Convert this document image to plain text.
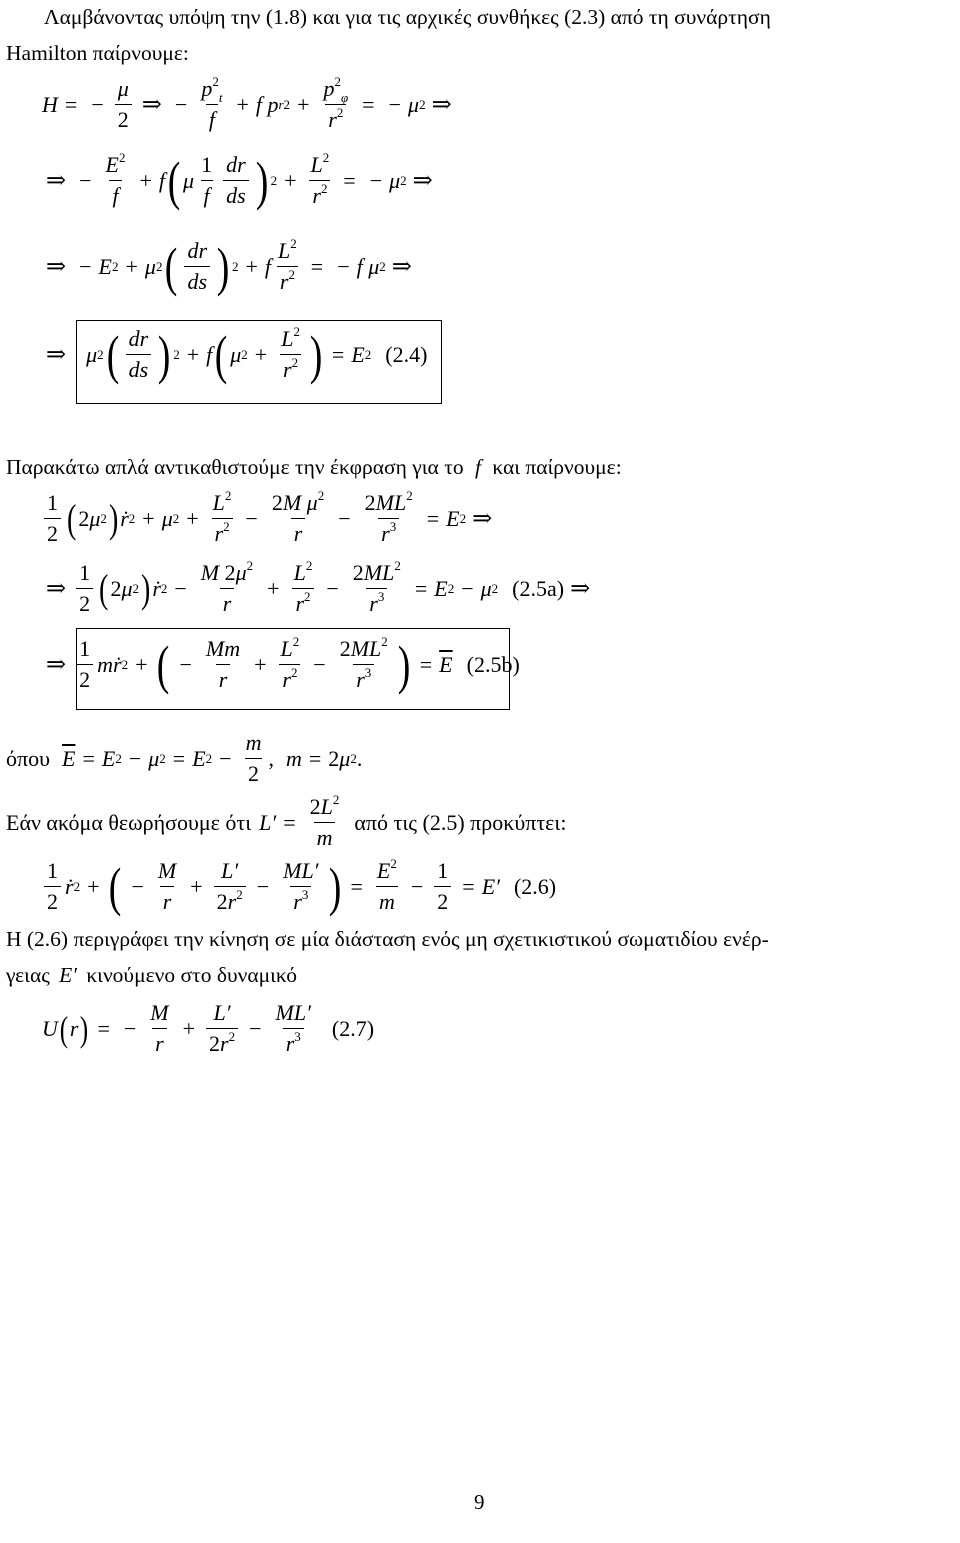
Λαμβάνοντας υπόψη την (1.8) και για τις αρχικές συνθήκες (2.3) από τη συνάρτηση
Hamilton παίρνουμε:
H = − $\frac{\mu}{2}$ ⇒ − $\frac{p^2_t}{f} + f$
p r $2 + \frac{p^2_\varphi}{r^2}$ = − μ 2 ⇒
⇒ − $\frac{E^2}{f} + f$ ( μ $\frac{1}{f} \frac{dr}{ds}$ ) $2 + \frac{L^2}{r^2}$ = − μ 2 ⇒
⇒ − E 2 + μ 2 ( $\frac{dr}{ds}$ ) 2 + f $\frac{L^2}{r^2}$ = − f
μ 2 ⇒
⇒ μ 2 ( $\frac{dr}{ds}$ ) 2 + f ( μ $2 + \frac{L^2}{r^2}$ ) = E 2 (2.4)
Παρακάτω απλά αντικαθιστούμε την έκφραση για το f και παίρνουμε:
$\frac{1}{2}$ ( 2 μ 2 ) ṙ 2 + μ $2 + \frac{L^2}{r^2} - \frac{2M \mu^2}{r} - \frac{2ML^2}{r^3} = E$ 2 ⇒
⇒ $\frac{1}{2}$ ( 2 μ 2 ) ṙ $2 - \frac{M 2\mu^2}{r} + \frac{L^2}{r^2} - \frac{2ML^2}{r^3} = E$ 2 − μ 2 (2.5a) ⇒
⇒ $\frac{1}{2}$ mṙ 2 + ( − $\frac{Mm}{r} + \frac{L^2}{r^2} - \frac{2ML^2}{r^3}$ ) = $\overline{E}$ (2.5b)
όπου $\overline{E} = E$ 2 − μ 2 = E $2 - \frac{m}{2}$ , m = 2 μ 2 .
Εάν ακόμα θεωρήσουμε ότι $L' = \frac{2L^2}{m}$ από τις (2.5) προκύπτει:
$\frac{1}{2}$ ṙ 2 + ( − $\frac{M}{r} + \frac{L'}{2r^2} - \frac{ML'}{r^3}$ ) = $\frac{E^2}{m} - \frac{1}{2} = E'$ (2.6)
Η (2.6) περιγράφει την κίνηση σε μία διάσταση ενός μη σχετικιστικού σωματιδίου ενέρ-
γειας E′ κινούμενο στο δυναμικό
U ( r ) = − $\frac{M}{r} + \frac{L'}{2r^2} - \frac{ML'}{r^3} (2.7)$
9
